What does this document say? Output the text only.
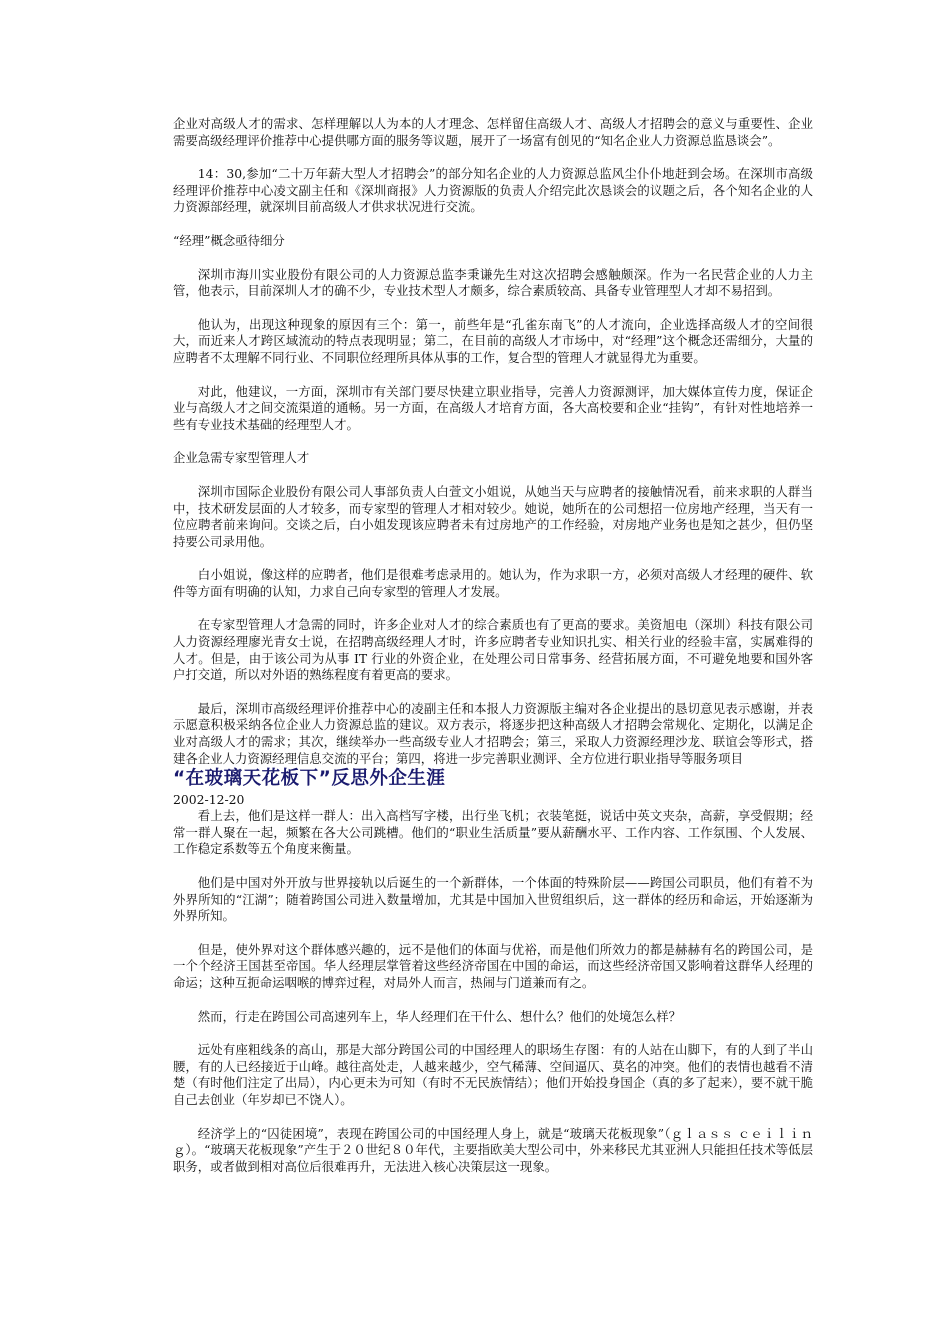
企业对高级人才的需求、怎样理解以人为本的人才理念、怎样留住高级人才、高级人才招聘会的意义与重要性、企业需要高级经理评价推荐中心提供哪方面的服务等议题，展开了一场富有创见的“知名企业人力资源总监恳谈会”。

14：30,参加“二十万年薪大型人才招聘会”的部分知名企业的人力资源总监风尘仆仆地赶到会场。在深圳市高级经理评价推荐中心凌文副主任和《深圳商报》人力资源版的负责人介绍完此次恳谈会的议题之后，各个知名企业的人力资源部经理，就深圳目前高级人才供求状况进行交流。

“经理”概念亟待细分

深圳市海川实业股份有限公司的人力资源总监李秉谦先生对这次招聘会感触颇深。作为一名民营企业的人力主管，他表示，目前深圳人才的确不少，专业技术型人才颇多，综合素质较高、具备专业管理型人才却不易招到。

他认为，出现这种现象的原因有三个：第一，前些年是“孔雀东南飞”的人才流向，企业选择高级人才的空间很大，而近来人才跨区域流动的特点表现明显；第二，在目前的高级人才市场中，对“经理”这个概念还需细分，大量的应聘者不太理解不同行业、不同职位经理所具体从事的工作，复合型的管理人才就显得尤为重要。

对此，他建议，一方面，深圳市有关部门要尽快建立职业指导，完善人力资源测评，加大媒体宣传力度，保证企业与高级人才之间交流渠道的通畅。另一方面，在高级人才培育方面，各大高校要和企业“挂钩”，有针对性地培养一些有专业技术基础的经理型人才。

企业急需专家型管理人才

深圳市国际企业股份有限公司人事部负责人白萱文小姐说，从她当天与应聘者的接触情况看，前来求职的人群当中，技术研发层面的人才较多，而专家型的管理人才相对较少。她说，她所在的公司想招一位房地产经理，当天有一位应聘者前来询问。交谈之后，白小姐发现该应聘者未有过房地产的工作经验，对房地产业务也是知之甚少，但仍坚持要公司录用他。

白小姐说，像这样的应聘者，他们是很难考虑录用的。她认为，作为求职一方，必须对高级人才经理的硬件、软件等方面有明确的认知，力求自己向专家型的管理人才发展。

在专家型管理人才急需的同时，许多企业对人才的综合素质也有了更高的要求。美资旭电（深圳）科技有限公司人力资源经理廖光青女士说，在招聘高级经理人才时，许多应聘者专业知识扎实、相关行业的经验丰富，实属难得的人才。但是，由于该公司为从事 IT 行业的外资企业，在处理公司日常事务、经营拓展方面，不可避免地要和国外客户打交道，所以对外语的熟练程度有着更高的要求。

最后，深圳市高级经理评价推荐中心的凌副主任和本报人力资源版主编对各企业提出的恳切意见表示感谢，并表示愿意积极采纳各位企业人力资源总监的建议。双方表示，将逐步把这种高级人才招聘会常规化、定期化，以满足企业对高级人才的需求；其次，继续举办一些高级专业人才招聘会；第三，采取人力资源经理沙龙、联谊会等形式，搭建各企业人力资源经理信息交流的平台；第四，将进一步完善职业测评、全方位进行职业指导等服务项目

“在玻璃天花板下”反思外企生涯
2002-12-20

看上去，他们是这样一群人：出入高档写字楼，出行坐飞机；衣装笔挺，说话中英文夹杂，高薪，享受假期；经常一群人聚在一起，频繁在各大公司跳槽。他们的“职业生活质量”要从薪酬水平、工作内容、工作氛围、个人发展、工作稳定系数等五个角度来衡量。

他们是中国对外开放与世界接轨以后诞生的一个新群体，一个体面的特殊阶层——跨国公司职员，他们有着不为外界所知的“江湖”；随着跨国公司进入数量增加，尤其是中国加入世贸组织后，这一群体的经历和命运，开始逐渐为外界所知。

但是，使外界对这个群体感兴趣的，远不是他们的体面与优裕，而是他们所效力的都是赫赫有名的跨国公司，是一个个经济王国甚至帝国。华人经理层掌管着这些经济帝国在中国的命运，而这些经济帝国又影响着这群华人经理的命运；这种互扼命运咽喉的博弈过程，对局外人而言，热闹与门道兼而有之。

然而，行走在跨国公司高速列车上，华人经理们在干什么、想什么？他们的处境怎么样？

远处有座粗线条的高山，那是大部分跨国公司的中国经理人的职场生存图：有的人站在山脚下，有的人到了半山腰，有的人已经接近于山峰。越往高处走，人越来越少，空气稀薄、空间逼仄、莫名的冲突。他们的表情也越看不清楚（有时他们注定了出局），内心更未为可知（有时不无民族情结）；他们开始投身国企（真的多了起来），要不就干脆自己去创业（年岁却已不饶人）。

经济学上的“囚徒困境”，表现在跨国公司的中国经理人身上，就是“玻璃天花板现象”（ｇｌａｓｓ ｃｅｉｌｉｎｇ）。“玻璃天花板现象”产生于２０世纪８０年代，主要指欧美大型公司中，外来移民尤其亚洲人只能担任技术等低层职务，或者做到相对高位后很难再升，无法进入核心决策层这一现象。
